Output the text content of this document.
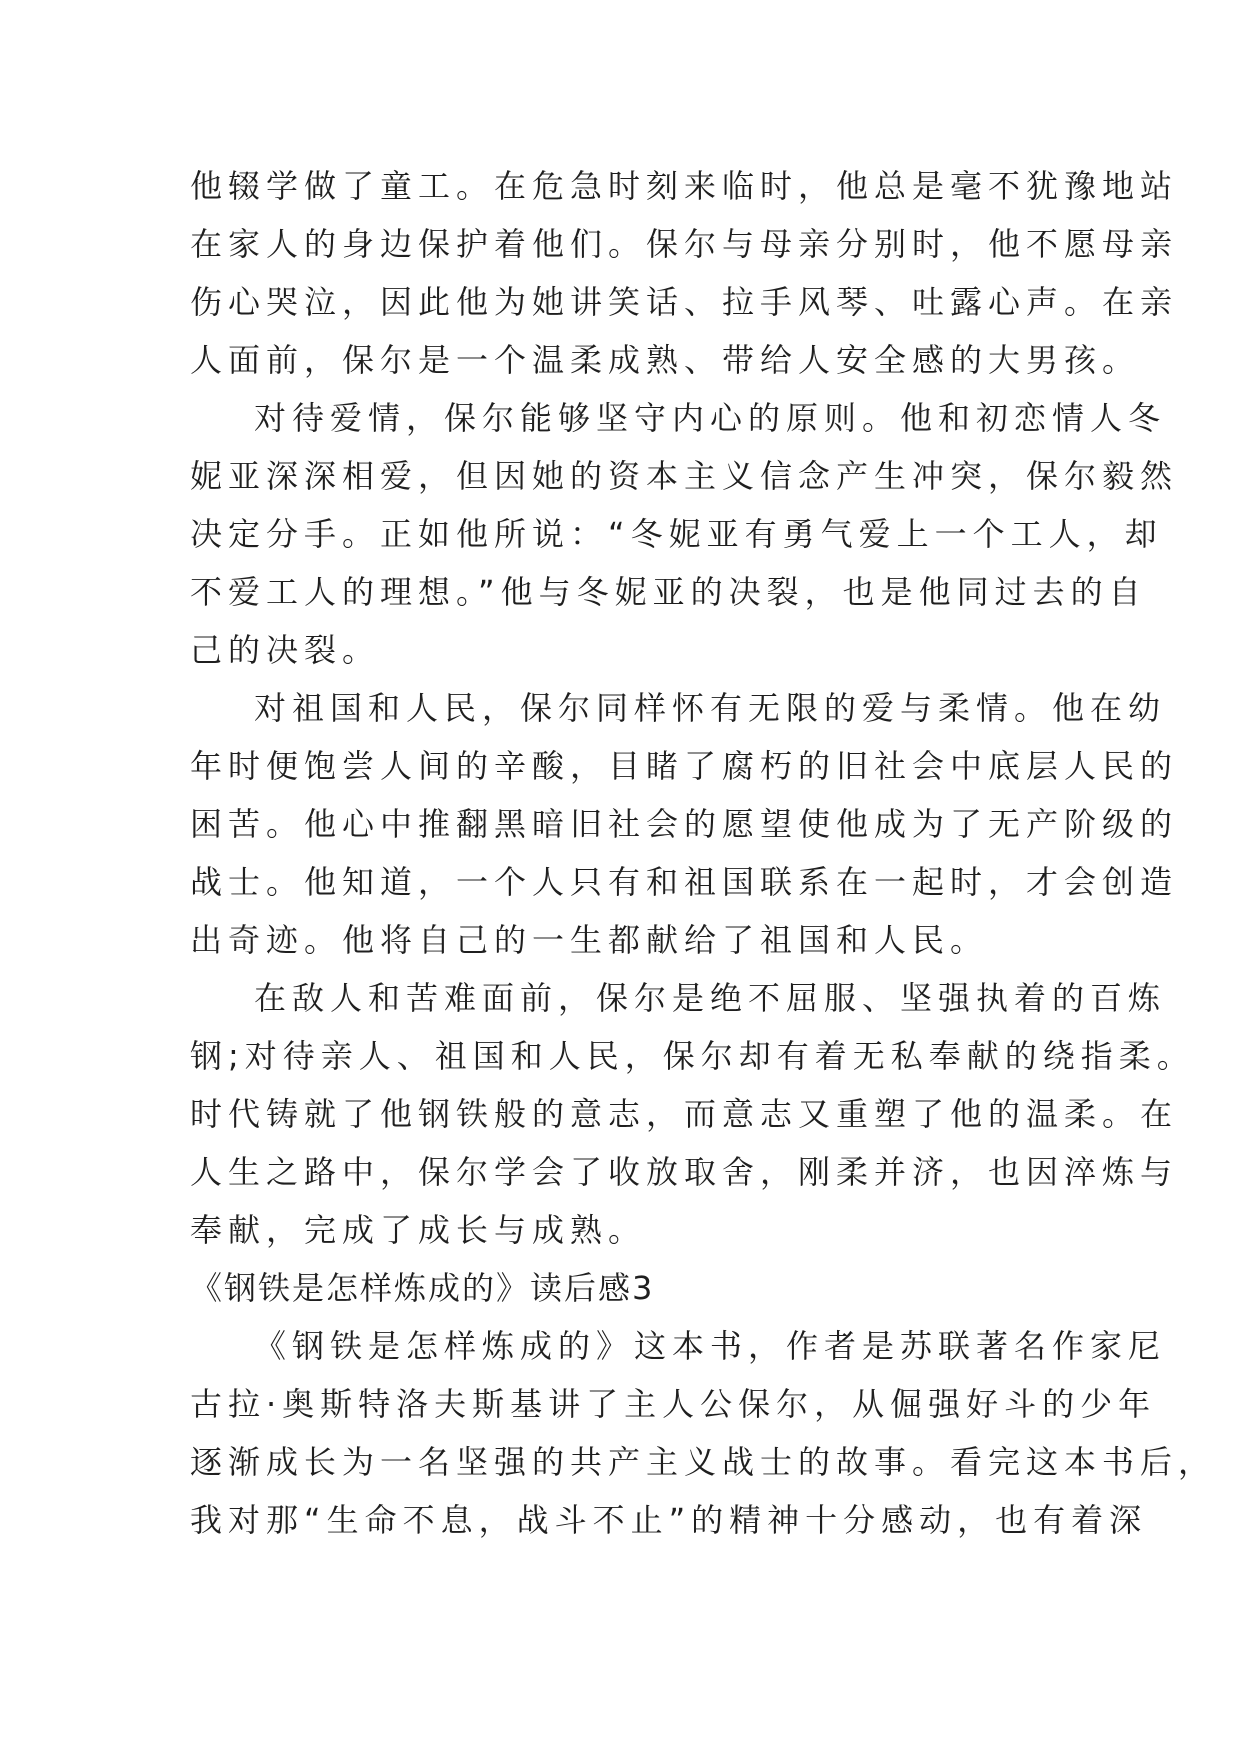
他辍学做了童工。在危急时刻来临时，他总是毫不犹豫地站
在家人的身边保护着他们。保尔与母亲分别时，他不愿母亲
伤心哭泣，因此他为她讲笑话、拉手风琴、吐露心声。在亲
人面前，保尔是一个温柔成熟、带给人安全感的大男孩。
对待爱情，保尔能够坚守内心的原则。他和初恋情人冬
妮亚深深相爱，但因她的资本主义信念产生冲突，保尔毅然
决定分手。正如他所说：“冬妮亚有勇气爱上一个工人，却
不爱工人的理想。”他与冬妮亚的决裂，也是他同过去的自
己的决裂。
对祖国和人民，保尔同样怀有无限的爱与柔情。他在幼
年时便饱尝人间的辛酸，目睹了腐朽的旧社会中底层人民的
困苦。他心中推翻黑暗旧社会的愿望使他成为了无产阶级的
战士。他知道，一个人只有和祖国联系在一起时，才会创造
出奇迹。他将自己的一生都献给了祖国和人民。
在敌人和苦难面前，保尔是绝不屈服、坚强执着的百炼
钢;对待亲人、祖国和人民，保尔却有着无私奉献的绕指柔。
时代铸就了他钢铁般的意志，而意志又重塑了他的温柔。在
人生之路中，保尔学会了收放取舍，刚柔并济，也因淬炼与
奉献，完成了成长与成熟。
《钢铁是怎样炼成的》读后感3
《钢铁是怎样炼成的》这本书，作者是苏联著名作家尼
古拉·奥斯特洛夫斯基讲了主人公保尔，从倔强好斗的少年
逐渐成长为一名坚强的共产主义战士的故事。看完这本书后，
我对那“生命不息，战斗不止”的精神十分感动，也有着深
